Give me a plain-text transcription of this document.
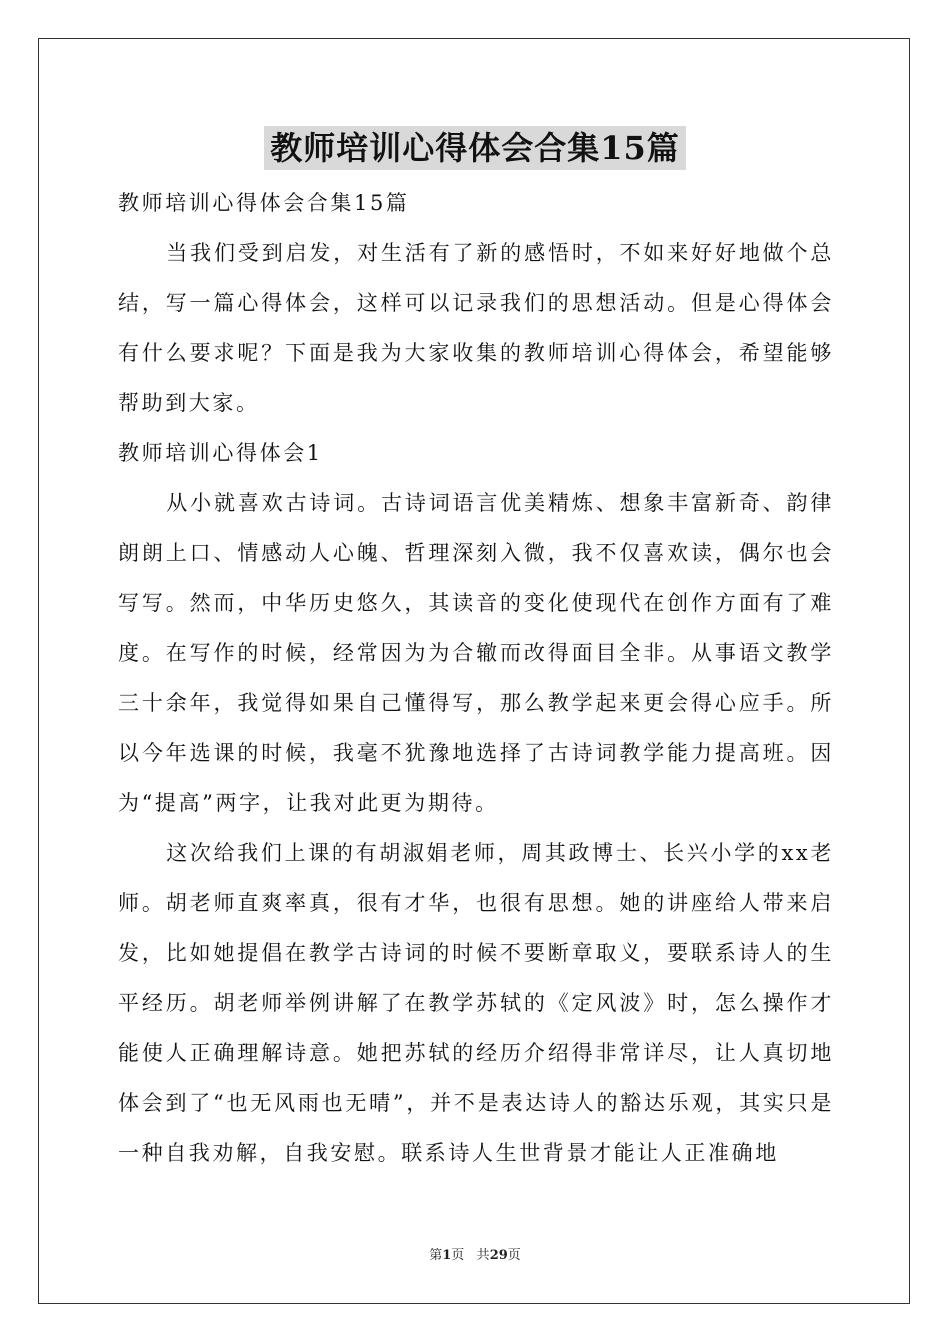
教师培训心得体会合集15篇

教师培训心得体会合集15篇

当我们受到启发，对生活有了新的感悟时，不如来好好地做个总结，写一篇心得体会，这样可以记录我们的思想活动。但是心得体会有什么要求呢？下面是我为大家收集的教师培训心得体会，希望能够帮助到大家。

教师培训心得体会1

从小就喜欢古诗词。古诗词语言优美精炼、想象丰富新奇、韵律朗朗上口、情感动人心魄、哲理深刻入微，我不仅喜欢读，偶尔也会写写。然而，中华历史悠久，其读音的变化使现代在创作方面有了难度。在写作的时候，经常因为为合辙而改得面目全非。从事语文教学三十余年，我觉得如果自己懂得写，那么教学起来更会得心应手。所以今年选课的时候，我毫不犹豫地选择了古诗词教学能力提高班。因为“提高”两字，让我对此更为期待。

这次给我们上课的有胡淑娟老师，周其政博士、长兴小学的xx老师。胡老师直爽率真，很有才华，也很有思想。她的讲座给人带来启发，比如她提倡在教学古诗词的时候不要断章取义，要联系诗人的生平经历。胡老师举例讲解了在教学苏轼的《定风波》时，怎么操作才能使人正确理解诗意。她把苏轼的经历介绍得非常详尽，让人真切地体会到了“也无风雨也无晴”，并不是表达诗人的豁达乐观，其实只是一种自我劝解，自我安慰。联系诗人生世背景才能让人正准确地

第1页 共29页
